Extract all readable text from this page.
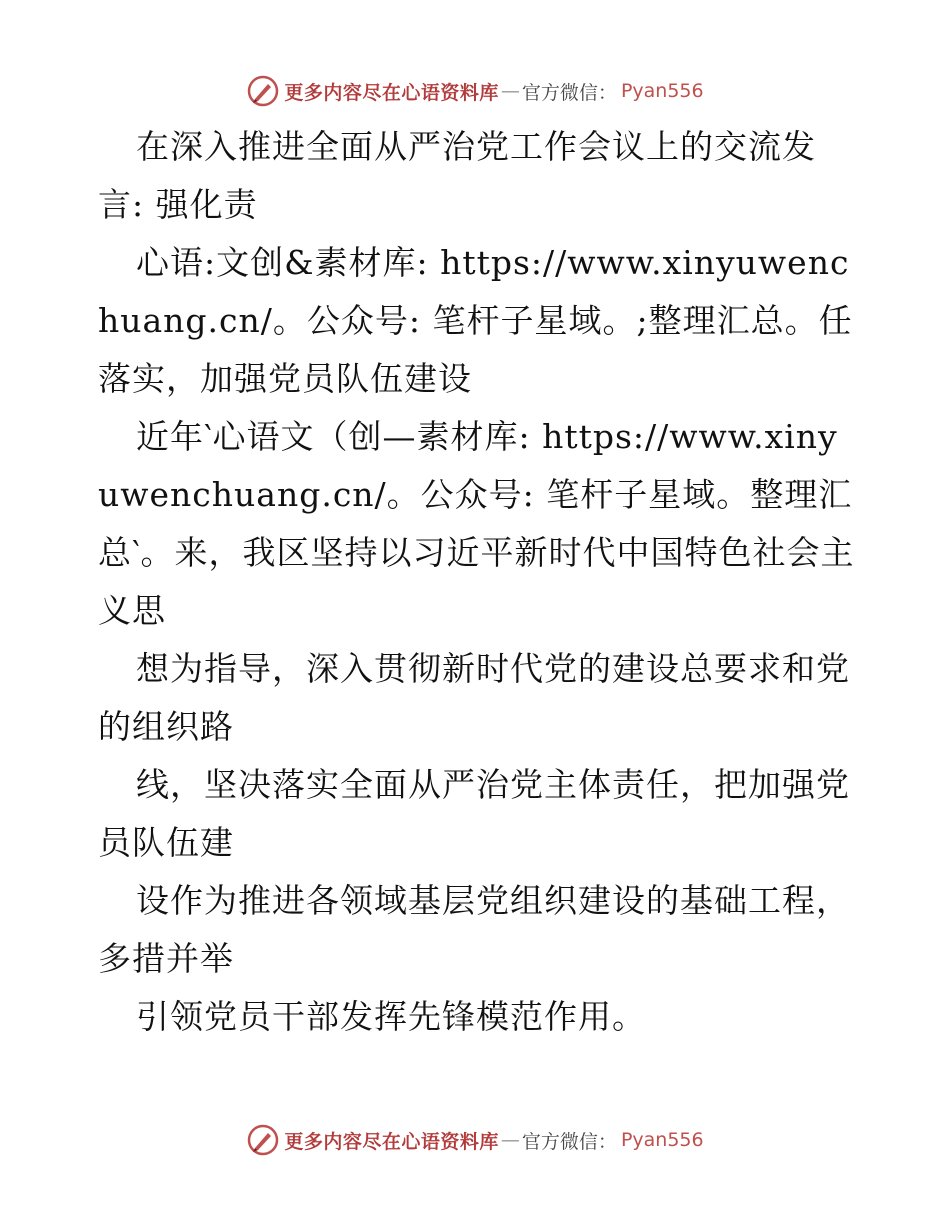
更多内容尽在心语资料库 — 官方微信 ： Pyan556

在深入推进全面从严治党工作会议上的交流发言: 强化责

心语:文创&素材库: https://www.xinyuwenchuang.cn/。公众号: 笔杆子星域。;整理汇总。任落实，加强党员队伍建设

近年‵心语文（创—素材库: https://www.xinyuwenchuang.cn/。公众号: 笔杆子星域。整理汇总‵。来，我区坚持以习近平新时代中国特色社会主义思

想为指导，深入贯彻新时代党的建设总要求和党的组织路

线，坚决落实全面从严治党主体责任，把加强党员队伍建

设作为推进各领域基层党组织建设的基础工程，多措并举

引领党员干部发挥先锋模范作用。

更多内容尽在心语资料库 — 官方微信 ： Pyan556
